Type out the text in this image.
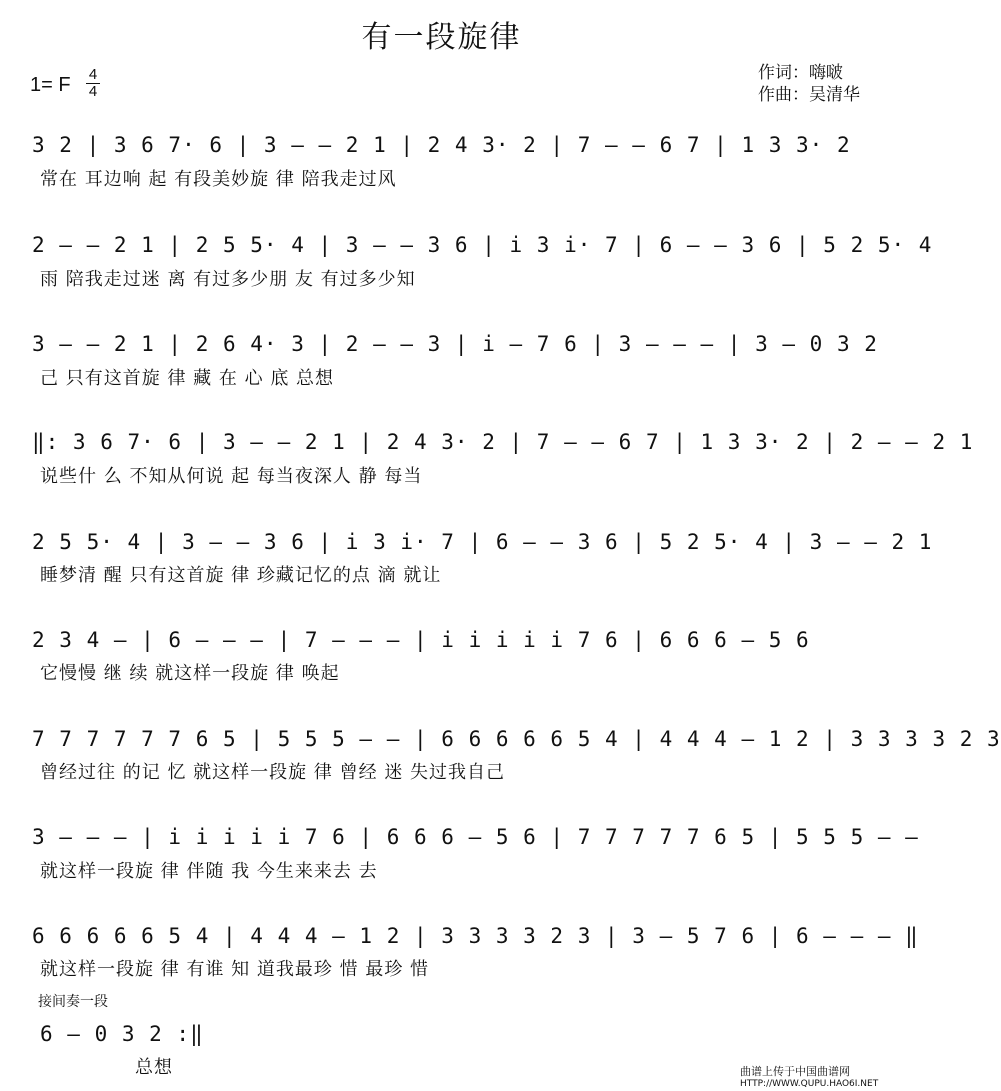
有一段旋律
1= F 4
4
作词：嗨啵
作曲：吴清华
3 2 | 3 6 7· 6 | 3 — — 2 1 | 2 4 3· 2 | 7 — — 6 7 | 1 3 3· 2
常在 耳边响 起 有段美妙旋 律 陪我走过风
2 — — 2 1 | 2 5 5· 4 | 3 — — 3 6 | i 3 i· 7 | 6 — — 3 6 | 5 2 5· 4
雨 陪我走过迷 离 有过多少朋 友 有过多少知
3 — — 2 1 | 2 6 4· 3 | 2 — — 3 | i — 7 6 | 3 — — — | 3 — 0 3 2
己 只有这首旋 律 藏 在 心 底 总想
‖: 3 6 7· 6 | 3 — — 2 1 | 2 4 3· 2 | 7 — — 6 7 | 1 3 3· 2 | 2 — — 2 1
说些什 么 不知从何说 起 每当夜深人 静 每当
2 5 5· 4 | 3 — — 3 6 | i 3 i· 7 | 6 — — 3 6 | 5 2 5· 4 | 3 — — 2 1
睡梦清 醒 只有这首旋 律 珍藏记忆的点 滴 就让
2 3 4 — | 6 — — — | 7 — — — | i i i i i 7 6 | 6 6 6 — 5 6
它慢慢 继 续 就这样一段旋 律 唤起
7 7 7 7 7 7 6 5 | 5 5 5 — — | 6 6 6 6 6 5 4 | 4 4 4 — 1 2 | 3 3 3 3 2 3
曾经过往 的记 忆 就这样一段旋 律 曾经 迷 失过我自己
3 — — — | i i i i i 7 6 | 6 6 6 — 5 6 | 7 7 7 7 7 6 5 | 5 5 5 — —
就这样一段旋 律 伴随 我 今生来来去 去
6 6 6 6 6 5 4 | 4 4 4 — 1 2 | 3 3 3 3 2 3 | 3 — 5 7 6 | 6 — — — ‖
就这样一段旋 律 有谁 知 道我最珍 惜 最珍 惜
接间奏一段
6 — 0 3 2 :‖
总想	曲谱上传于中国曲谱网
HTTP://WWW.QUPU.HAO6I.NET
